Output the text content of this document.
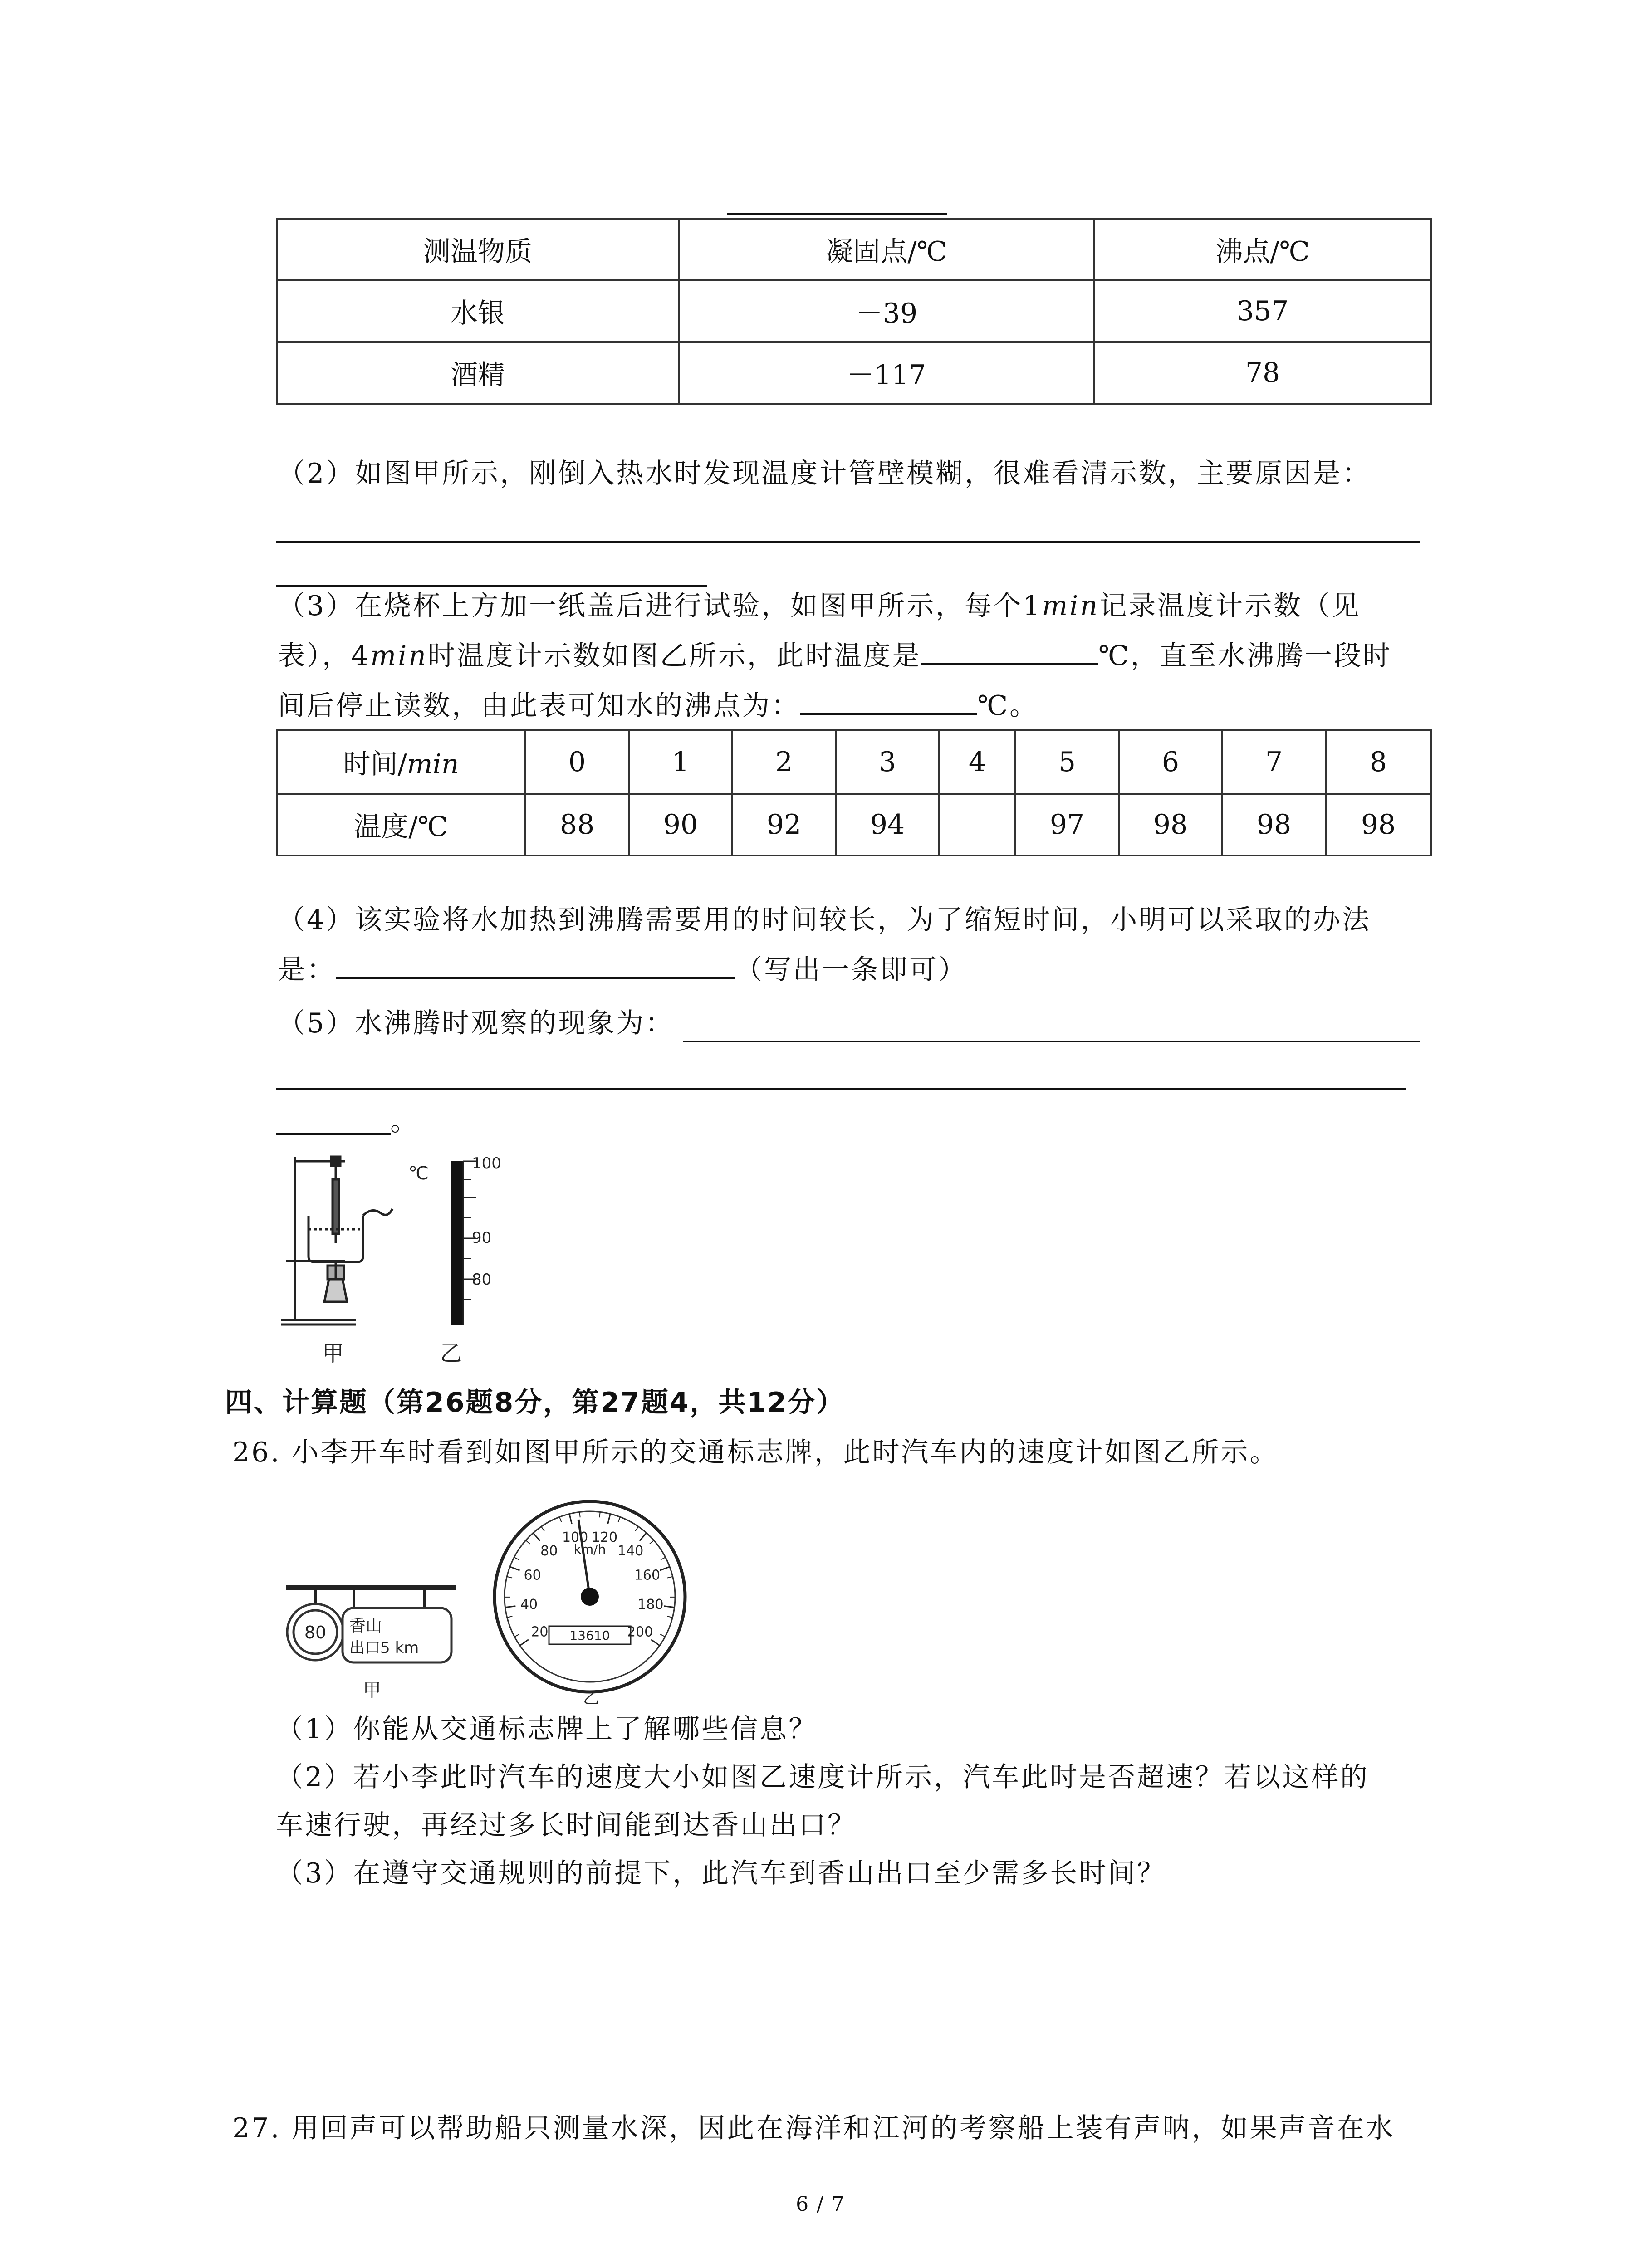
测温物质	凝固点/℃	沸点/℃
水银	－39	357
酒精	－117	78
（2）如图甲所示，刚倒入热水时发现温度计管壁模糊，很难看清示数，主要原因是：
（3）在烧杯上方加一纸盖后进行试验，如图甲所示，每个1min记录温度计示数（见
表），4min时温度计示数如图乙所示，此时温度是	℃，直至水沸腾一段时
间后停止读数，由此表可知水的沸点为：	℃。
时间/min	0	1	2	3	4	5	6	7	8
温度/℃	88	90	92	94		97	98	98	98
（4）该实验将水加热到沸腾需要用的时间较长，为了缩短时间，小明可以采取的办法
是：	（写出一条即可）
（5）水沸腾时观察的现象为：
。
甲
℃	100
90
80
乙
四、计算题（第26题8分，第27题4，共12分）
26. 小李开车时看到如图甲所示的交通标志牌，此时汽车内的速度计如图乙所示。
80 香山
出口5 km
甲
20
40
60
80
100 120
140
160
180
200
km/h
13610
乙
（1）你能从交通标志牌上了解哪些信息？
（2）若小李此时汽车的速度大小如图乙速度计所示，汽车此时是否超速？若以这样的
车速行驶，再经过多长时间能到达香山出口？
（3）在遵守交通规则的前提下，此汽车到香山出口至少需多长时间？
27. 用回声可以帮助船只测量水深，因此在海洋和江河的考察船上装有声呐，如果声音在水
6 / 7
